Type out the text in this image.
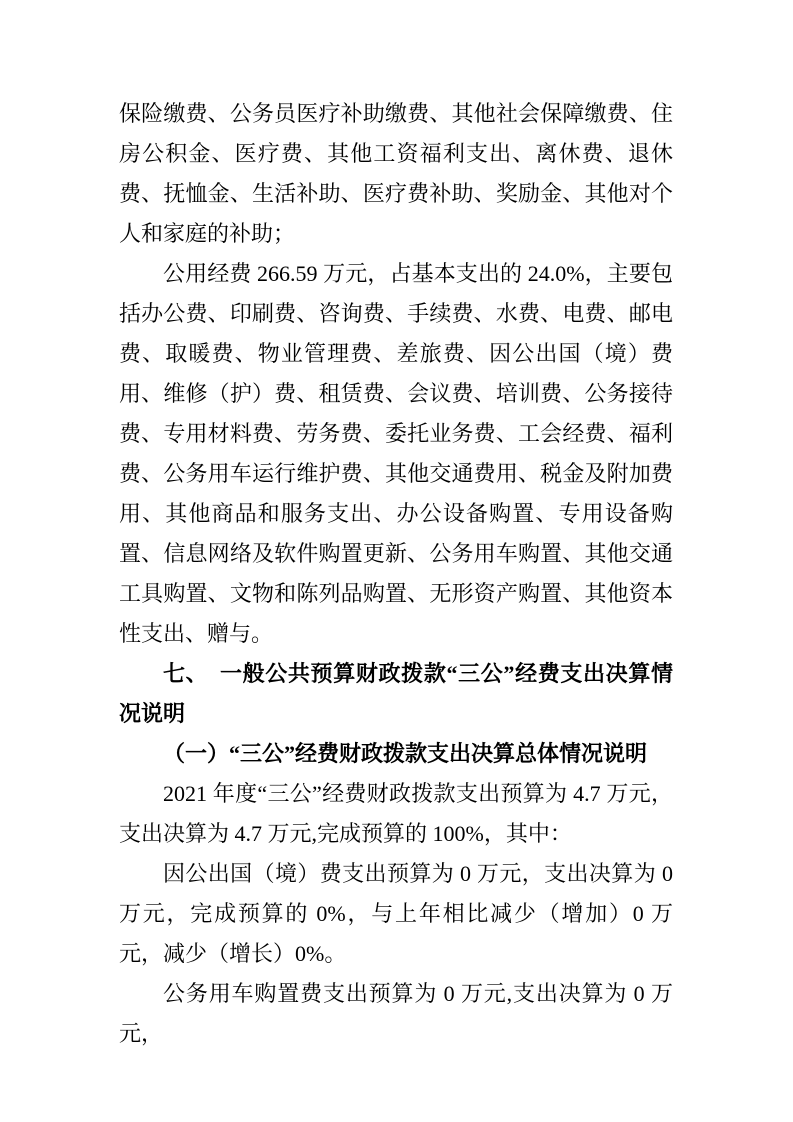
保险缴费、公务员医疗补助缴费、其他社会保障缴费、住房公积金、医疗费、其他工资福利支出、离休费、退休费、抚恤金、生活补助、医疗费补助、奖励金、其他对个人和家庭的补助；

公用经费 266.59 万元，占基本支出的 24.0%，主要包括办公费、印刷费、咨询费、手续费、水费、电费、邮电费、取暖费、物业管理费、差旅费、因公出国（境）费用、维修（护）费、租赁费、会议费、培训费、公务接待费、专用材料费、劳务费、委托业务费、工会经费、福利费、公务用车运行维护费、其他交通费用、税金及附加费用、其他商品和服务支出、办公设备购置、专用设备购置、信息网络及软件购置更新、公务用车购置、其他交通工具购置、文物和陈列品购置、无形资产购置、其他资本性支出、赠与。

七、　一般公共预算财政拨款“三公”经费支出决算情况说明

（一）“三公”经费财政拨款支出决算总体情况说明

2021 年度“三公”经费财政拨款支出预算为 4.7 万元，支出决算为 4.7 万元,完成预算的 100%，其中：

因公出国（境）费支出预算为 0 万元，支出决算为 0 万元，完成预算的 0%，与上年相比减少（增加）0 万元，减少（增长）0%。

公务用车购置费支出预算为 0 万元,支出决算为 0 万元，
